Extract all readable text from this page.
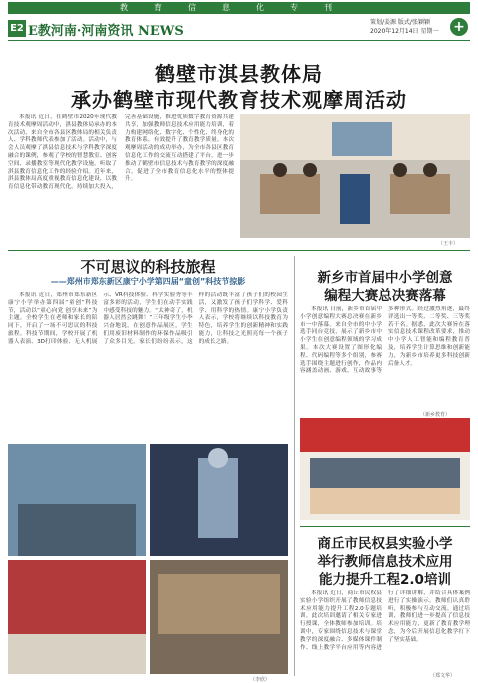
教育信息化专刊
E2 E教河南·河南资讯 NEWS
策划/姜源 版式/张颖颖
2020年12月14日 星期一	+
鹤壁市淇县教体局
承办鹤壁市现代教育技术观摩周活动

本报讯 近日，在鹤壁市2020年现代教育技术观摩周活动中，淇县教体局承办的本次活动，来自全市各县区教体局的相关负责人、学科教师代表参加了活动。活动中，与会人员观摩了淇县信息技术与学科教学深度融合的课例，参观了学校的智慧教室、创客空间、录播教室等现代化教学设施，听取了淇县教育信息化工作的经验介绍。近年来，淇县教体局高度重视教育信息化建设，以教育信息化带动教育现代化，持续加大投入，完善基础设施，推进优质数字教育资源共建共享，加强教师信息技术应用能力培训，着力构建网络化、数字化、个性化、终身化的教育体系，有效提升了教育教学质量。本次观摩周活动的成功举办，为全市各县区教育信息化工作的交流互动搭建了平台，进一步推动了鹤壁市信息技术与教育教学的深度融合，促进了全市教育信息化水平的整体提升。

（王丰）
不可思议的科技旅程
——郑州市郑东新区康宁小学第四届“童创”科技节掠影

本报讯 近日，郑州市郑东新区康宁小学举办第四届“童创”科技节，活动以“童心向党 创享未来”为主题，全校学生在老师和家长的陪同下，开启了一场不可思议的科技旅程。科技节期间，学校开展了机器人表演、3D打印体验、无人机展示、VR科技体验、科学实验秀等丰富多彩的活动，学生们在动手实践中感受科技的魅力。“太神奇了，机器人居然会跳舞！”三年级学生小李兴奋地说。在创意作品展区，学生们用废旧材料制作的环保作品吸引了众多目光。家长们纷纷表示，这样的活动既丰富了孩子们的校园生活，又激发了孩子们学科学、爱科学、用科学的热情。康宁小学负责人表示，学校将继续以科技教育为特色，培养学生的创新精神和实践能力，让科技之光照亮每一个孩子的成长之路。

（李欣）
新乡市首届中小学创意
编程大赛总决赛落幕

本报讯 日前，新乡市首届中小学创意编程大赛总决赛在新乡市一中落幕。来自全市的中小学选手同台竞技，展示了新乡市中小学生在创意编程领域的学习成果。本次大赛设置了图形化编程、代码编程等多个组别，参赛选手围绕主题进行创作，作品内容涵盖动画、游戏、互动故事等多种形式。经过激烈角逐，最终评选出一等奖、二等奖、三等奖若干名。据悉，此次大赛旨在落实信息技术课程改革要求，推动中小学人工智能和编程教育普及，培养学生计算思维和创新能力，为新乡市培养更多科技创新后备人才。

（新乡教育）
商丘市民权县实验小学
举行教师信息技术应用
能力提升工程2.0培训

本报讯 近日，商丘市民权县实验小学组织开展了教师信息技术应用能力提升工程2.0专题培训。此次培训邀请了相关专家进行授课，全体教师参加培训。培训中，专家围绕信息技术与课堂教学的深度融合、多媒体课件制作、线上教学平台应用等内容进行了详细讲解，并结合具体案例进行了实操演示。教师们认真聆听，积极参与互动交流。通过培训，教师们进一步提高了信息技术应用能力，更新了教育教学理念，为今后开展信息化教学打下了坚实基础。

（郑文华）
